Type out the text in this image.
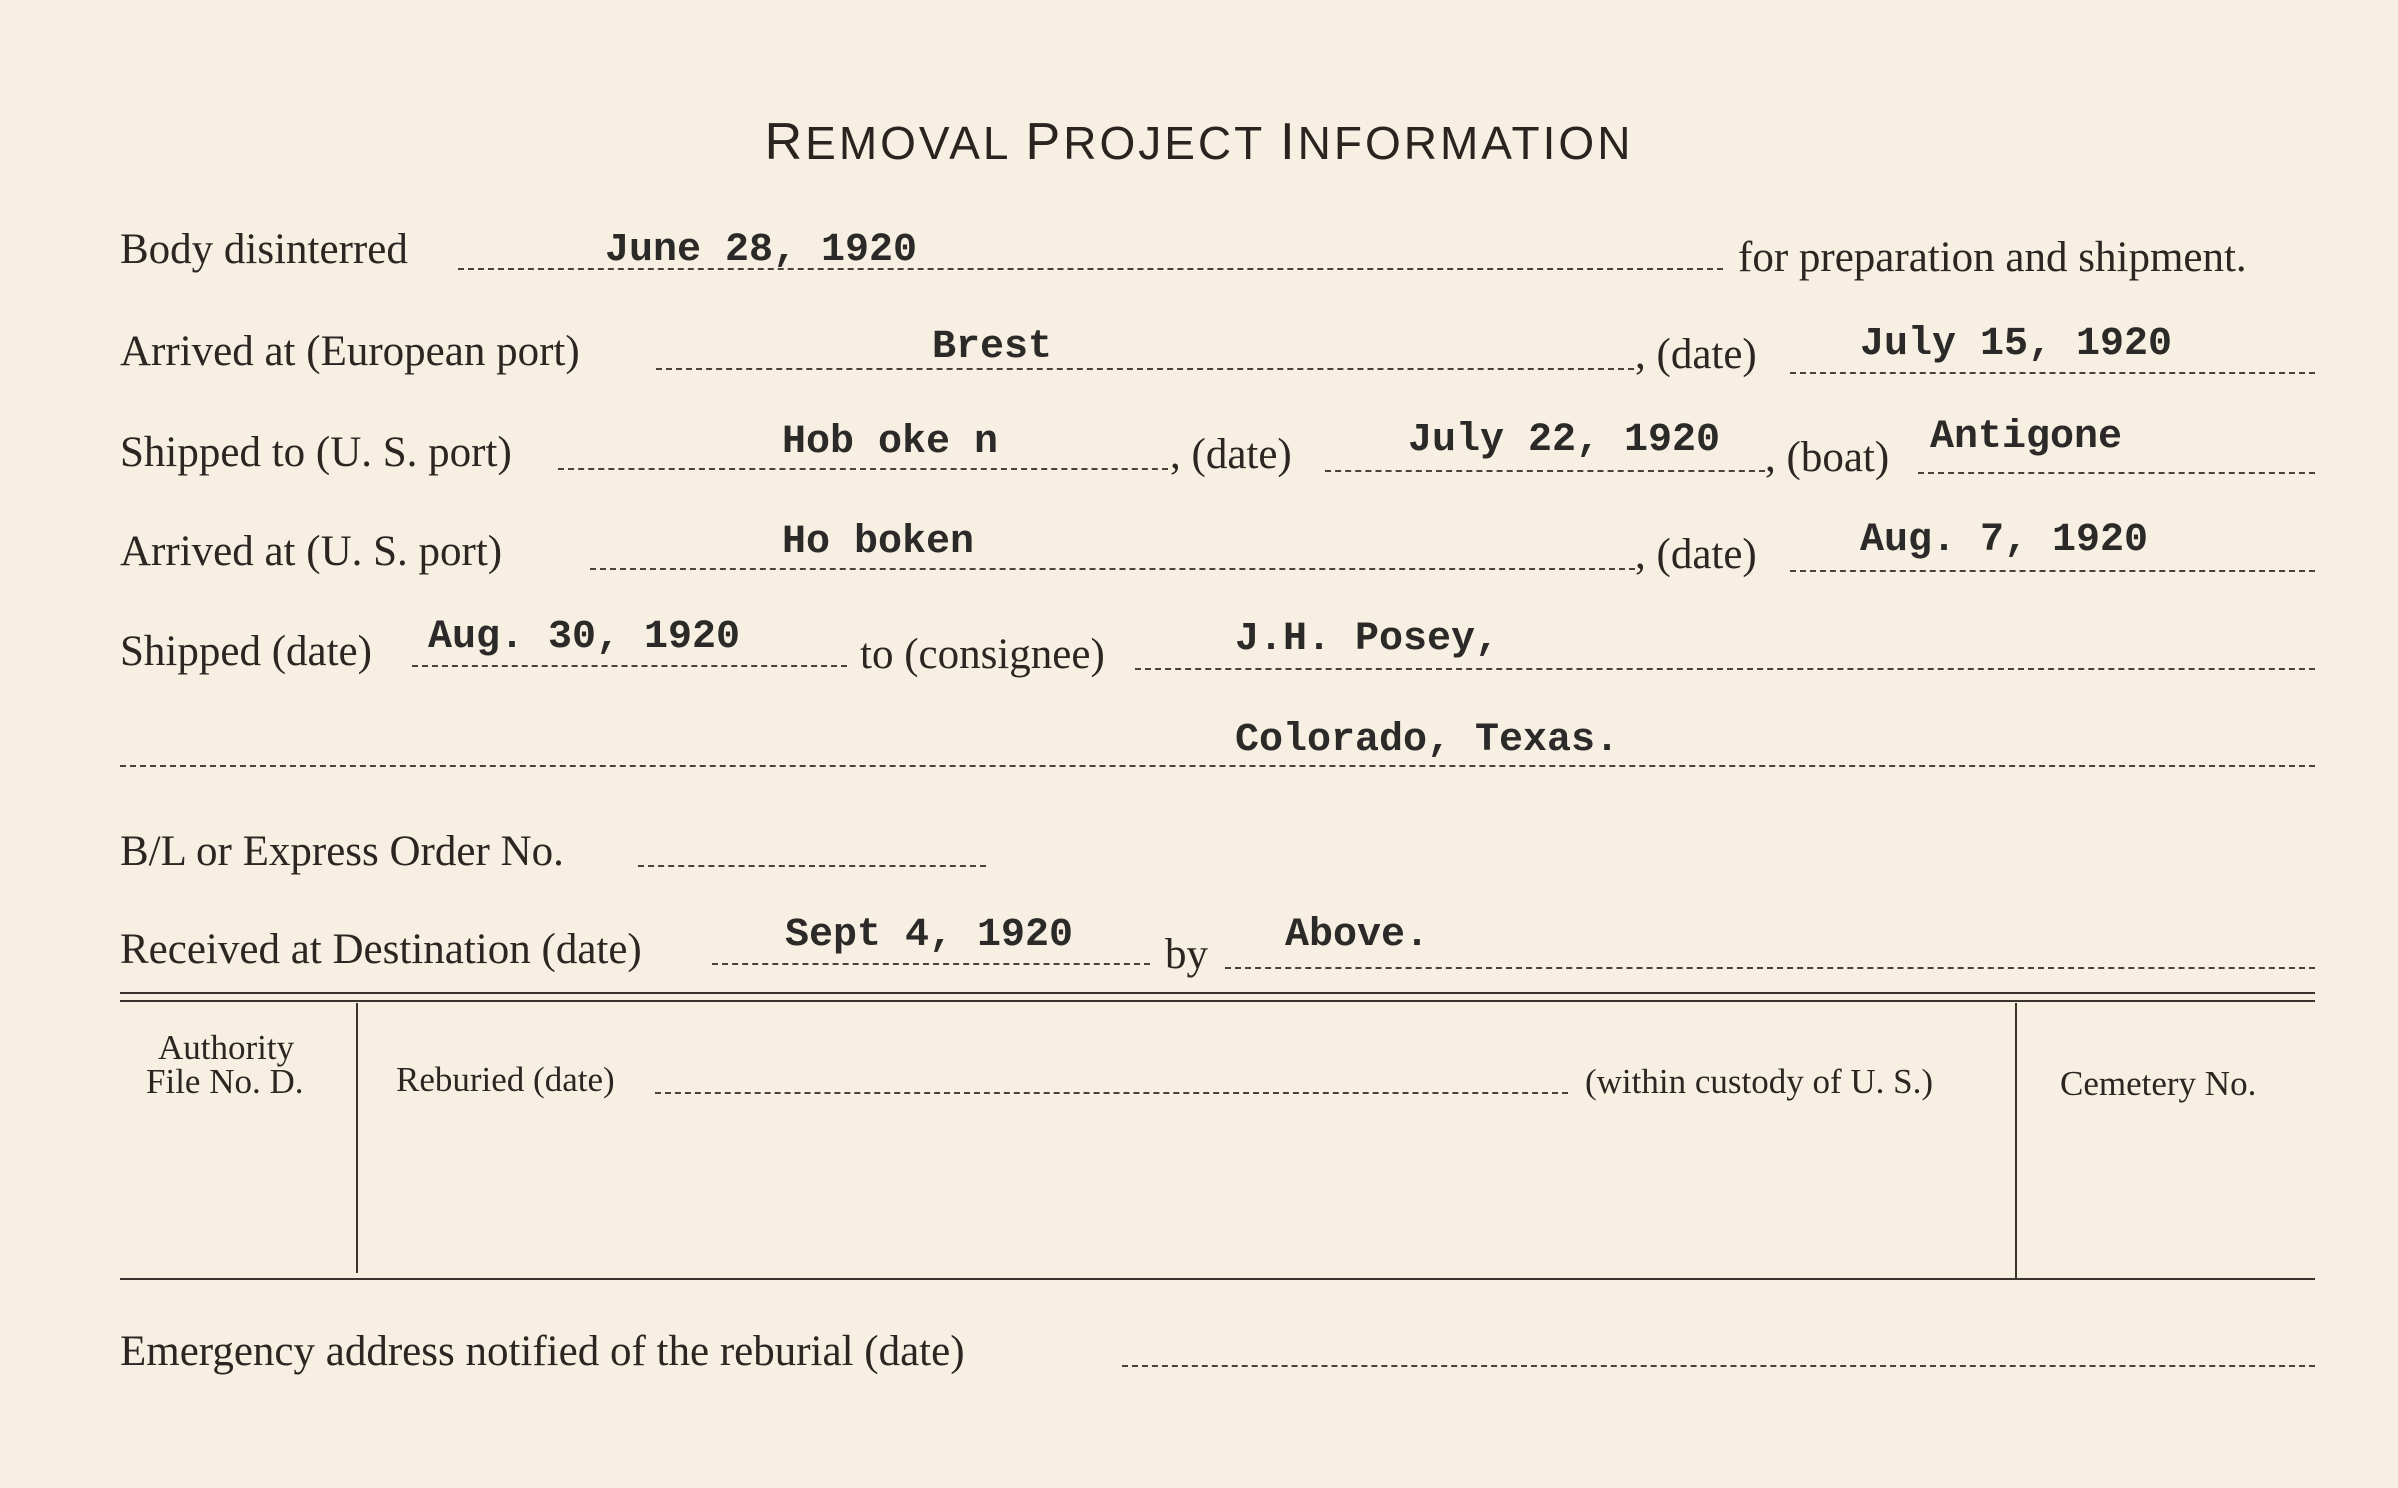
REMOVAL PROJECT INFORMATION
Body disinterred	June 28, 1920	for preparation and shipment.
Arrived at (European port)	Brest	, (date)	July 15, 1920
Shipped to (U. S. port)	Hob oke n	, (date)	July 22, 1920 , (boat) Antigone
Arrived at (U. S. port)	Ho boken	, (date)	Aug. 7, 1920
Shipped (date) Aug. 30, 1920	to (consignee)	J.H. Posey,
Colorado, Texas.
B/L or Express Order No.
Received at Destination (date)	Sept 4, 1920 by Above.
Authority
File No. D.	Reburied (date)	(within custody of U. S.)	Cemetery No.
Emergency address notified of the reburial (date)
